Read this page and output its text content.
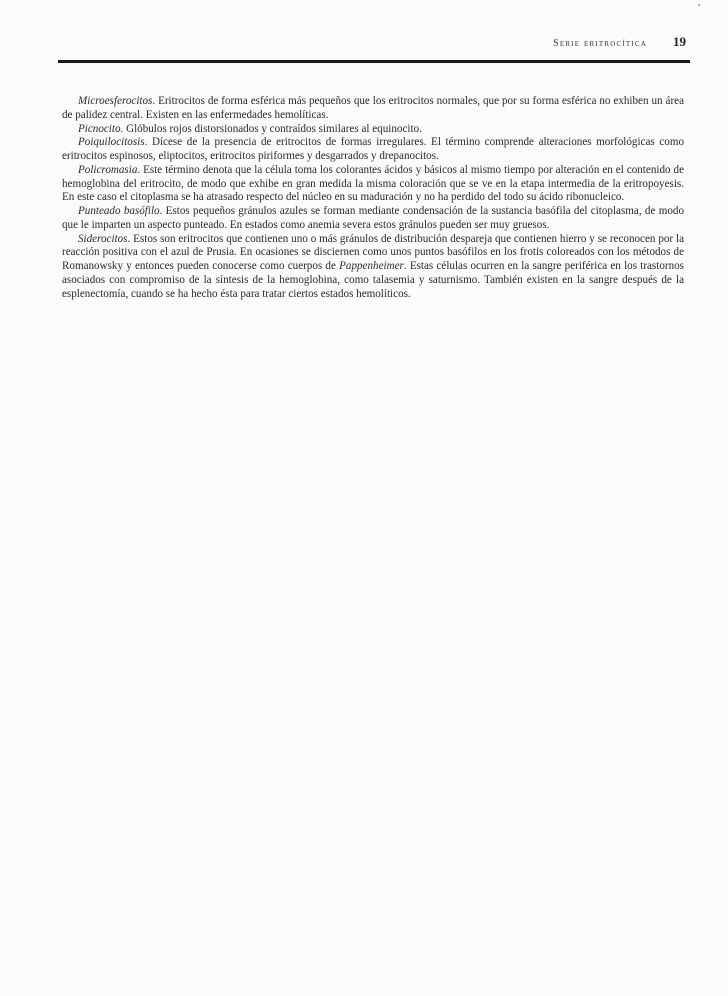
Serie eritrocítica 19

Microesferocitos. Eritrocitos de forma esférica más pequeños que los eritrocitos normales, que por su forma esférica no exhiben un área de palidez central. Existen en las enfermedades hemolíticas.

Picnocito. Glóbulos rojos distorsionados y contraídos similares al equinocito.

Poiquilocitosis. Dícese de la presencia de eritrocitos de formas irregulares. El término comprende alteraciones morfológicas como eritrocitos espinosos, eliptocitos, eritrocitos piriformes y desgarrados y drepanocitos.

Policromasia. Este término denota que la célula toma los colorantes ácidos y básicos al mismo tiempo por alteración en el contenido de hemoglobina del eritrocito, de modo que exhibe en gran medida la misma coloración que se ve en la etapa intermedia de la eritropoyesis. En este caso el citoplasma se ha atrasado respecto del núcleo en su maduración y no ha perdido del todo su ácido ribonucleico.

Punteado basófilo. Estos pequeños gránulos azules se forman mediante condensación de la sustancia basófila del citoplasma, de modo que le imparten un aspecto punteado. En estados como anemia severa estos gránulos pueden ser muy gruesos.

Siderocitos. Estos son eritrocitos que contienen uno o más gránulos de distribución despareja que contienen hierro y se reconocen por la reacción positiva con el azul de Prusia. En ocasiones se disciernen como unos puntos basófilos en los frotis coloreados con los métodos de Romanowsky y entonces pueden conocerse como cuerpos de Pappenheimer. Estas células ocurren en la sangre periférica en los trastornos asociados con compromiso de la síntesis de la hemoglobina, como talasemia y saturnismo. También existen en la sangre después de la esplenectomía, cuando se ha hecho ésta para tratar ciertos estados hemolíticos.
